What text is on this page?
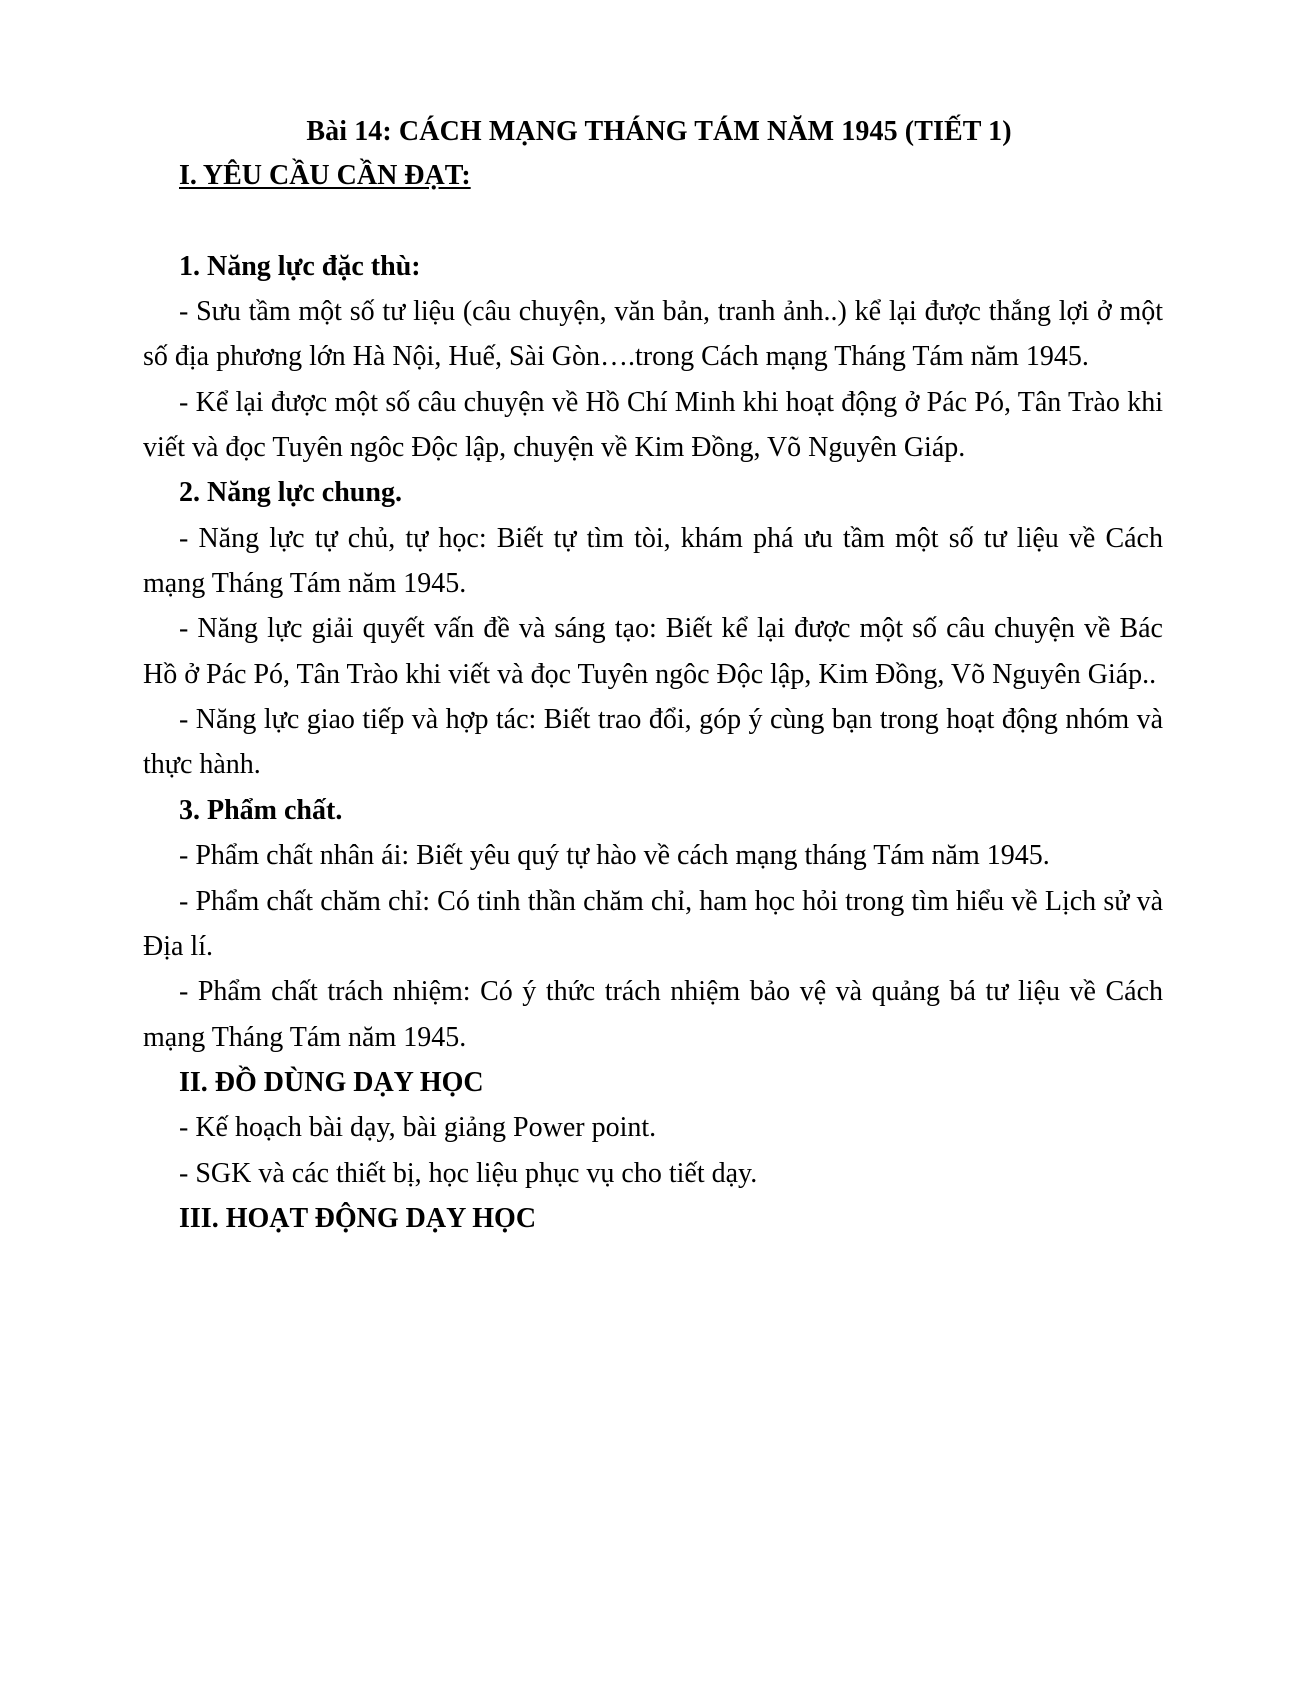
Bài 14: CÁCH MẠNG THÁNG TÁM NĂM 1945 (TIẾT 1)
I. YÊU CẦU CẦN ĐẠT:
1. Năng lực đặc thù:

- Sưu tầm một số tư liệu (câu chuyện, văn bản, tranh ảnh..) kể lại được thắng lợi ở một số địa phương lớn Hà Nội, Huế, Sài Gòn….trong Cách mạng Tháng Tám năm 1945.

- Kể lại được một số câu chuyện về Hồ Chí Minh khi hoạt động ở Pác Pó, Tân Trào khi viết và đọc Tuyên ngôc Độc lập, chuyện về Kim Đồng, Võ Nguyên Giáp.

2. Năng lực chung.

- Năng lực tự chủ, tự học: Biết tự tìm tòi, khám phá ưu tầm một số tư liệu về Cách mạng Tháng Tám năm 1945.

- Năng lực giải quyết vấn đề và sáng tạo: Biết kể lại được một số câu chuyện về Bác Hồ ở Pác Pó, Tân Trào khi viết và đọc Tuyên ngôc Độc lập, Kim Đồng, Võ Nguyên Giáp..

- Năng lực giao tiếp và hợp tác: Biết trao đổi, góp ý cùng bạn trong hoạt động nhóm và thực hành.

3. Phẩm chất.

- Phẩm chất nhân ái: Biết yêu quý tự hào về cách mạng tháng Tám năm 1945.

- Phẩm chất chăm chỉ: Có tinh thần chăm chỉ, ham học hỏi trong tìm hiểu về Lịch sử và Địa lí.

- Phẩm chất trách nhiệm: Có ý thức trách nhiệm bảo vệ và quảng bá tư liệu về Cách mạng Tháng Tám năm 1945.

II. ĐỒ DÙNG DẠY HỌC

- Kế hoạch bài dạy, bài giảng Power point.

- SGK và các thiết bị, học liệu phục vụ cho tiết dạy.

III. HOẠT ĐỘNG DẠY HỌC
